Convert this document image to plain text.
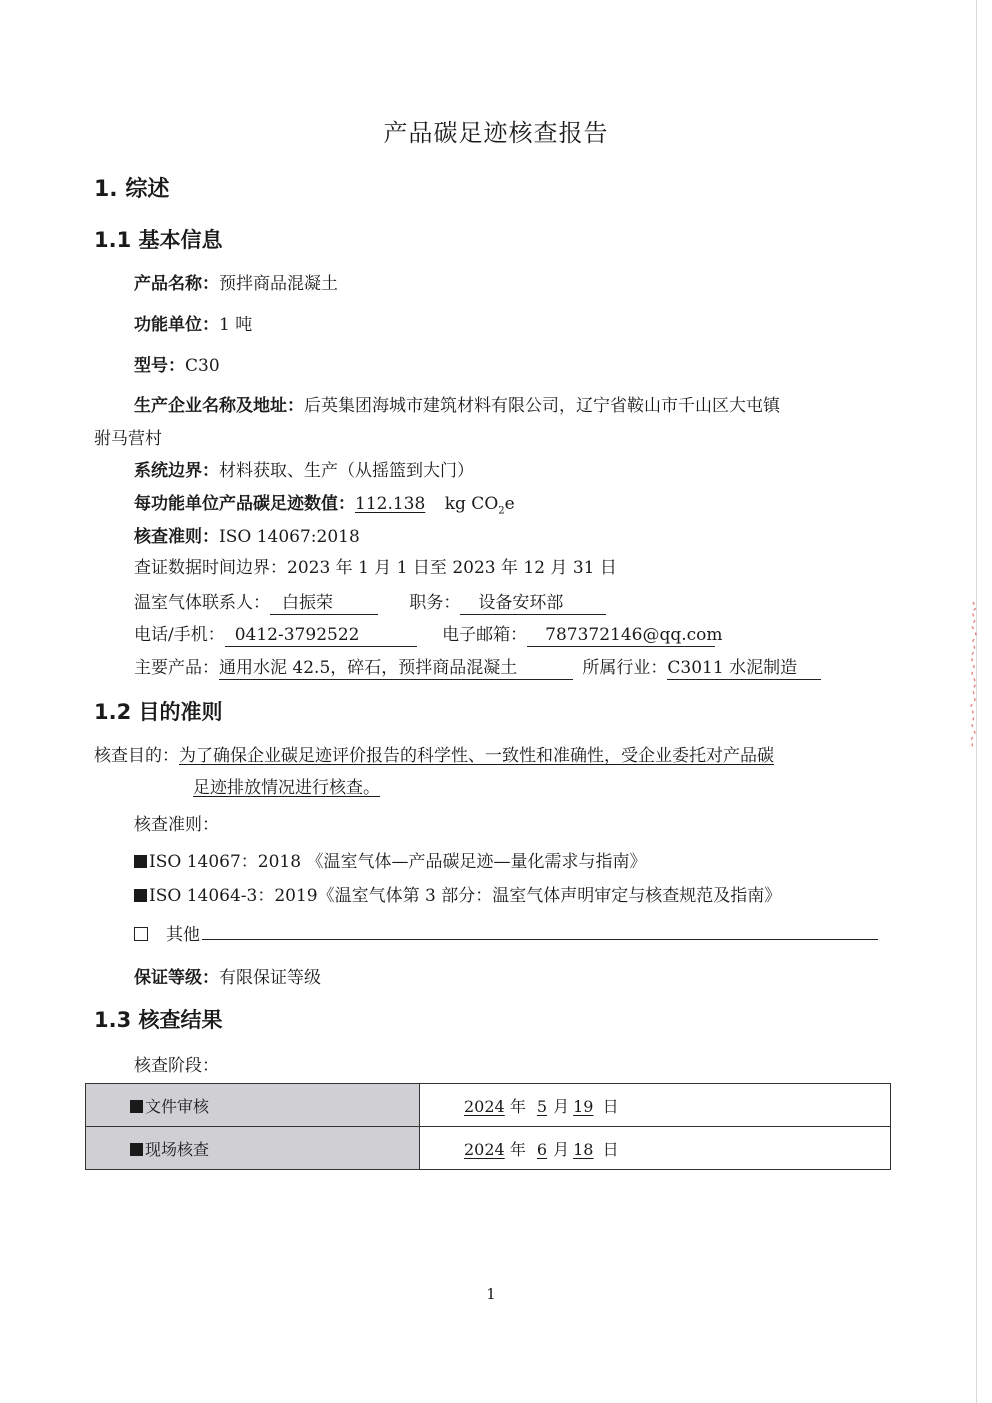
产品碳足迹核查报告
1. 综述
1.1 基本信息
产品名称：预拌商品混凝土
功能单位：1 吨
型号：C30
生产企业名称及地址：后英集团海城市建筑材料有限公司，辽宁省鞍山市千山区大屯镇
驸马营村
系统边界：材料获取、生产（从摇篮到大门）
每功能单位产品碳足迹数值：112.138 kg $CO_2e$
核查准则：ISO 14067:2018
查证数据时间边界：2023 年 1 月 1 日至 2023 年 12 月 31 日
温室气体联系人： 白振荣	职务： 设备安环部
电话/手机： 0412-3792522	电子邮箱： 787372146@qq.com
主要产品：通用水泥 42.5，碎石，预拌商品混凝土	所属行业：C3011 水泥制造
1.2 目的准则
核查目的：为了确保企业碳足迹评价报告的科学性、一致性和准确性，受企业委托对产品碳
足迹排放情况进行核查。
核查准则：
ISO 14067：2018 《温室气体—产品碳足迹—量化需求与指南》
ISO 14064-3：2019《温室气体第 3 部分：温室气体声明审定与核查规范及指南》
其他
保证等级：有限保证等级
1.3 核查结果
核查阶段：
文件审核	2024 年 5 月 19 日
现场核查	2024 年 6 月 18 日
1
